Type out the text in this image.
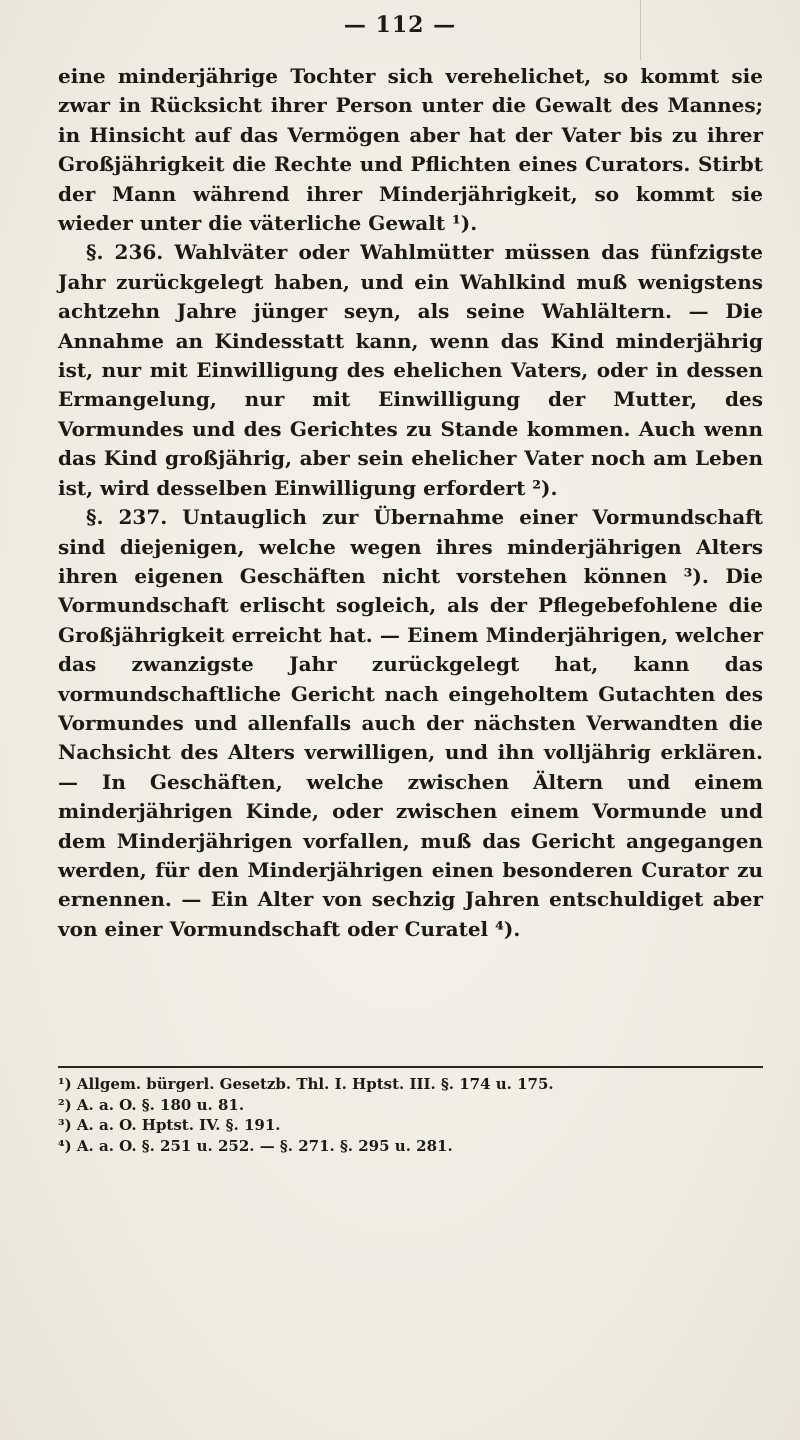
— 112 —

eine minderjährige Tochter sich verehelichet, so kommt sie zwar in Rücksicht ihrer Person unter die Gewalt des Mannes; in Hinsicht auf das Vermögen aber hat der Vater bis zu ihrer Großjährigkeit die Rechte und Pflichten eines Curators. Stirbt der Mann während ihrer Minderjährigkeit, so kommt sie wieder unter die väterliche Gewalt ¹).

§. 236. Wahlväter oder Wahlmütter müssen das fünfzigste Jahr zurückgelegt haben, und ein Wahlkind muß wenigstens achtzehn Jahre jünger seyn, als seine Wahlältern. — Die Annahme an Kindesstatt kann, wenn das Kind minderjährig ist, nur mit Einwilligung des ehelichen Vaters, oder in dessen Ermangelung, nur mit Einwilligung der Mutter, des Vormundes und des Gerichtes zu Stande kommen. Auch wenn das Kind großjährig, aber sein ehelicher Vater noch am Leben ist, wird desselben Einwilligung erfordert ²).

§. 237. Untauglich zur Übernahme einer Vormundschaft sind diejenigen, welche wegen ihres minderjährigen Alters ihren eigenen Geschäften nicht vorstehen können ³). Die Vormundschaft erlischt sogleich, als der Pflegebefohlene die Großjährigkeit erreicht hat. — Einem Minderjährigen, welcher das zwanzigste Jahr zurückgelegt hat, kann das vormundschaftliche Gericht nach eingeholtem Gutachten des Vormundes und allenfalls auch der nächsten Verwandten die Nachsicht des Alters verwilligen, und ihn volljährig erklären. — In Geschäften, welche zwischen Ältern und einem minderjährigen Kinde, oder zwischen einem Vormunde und dem Minderjährigen vorfallen, muß das Gericht angegangen werden, für den Minderjährigen einen besonderen Curator zu ernennen. — Ein Alter von sechzig Jahren entschuldiget aber von einer Vormundschaft oder Curatel ⁴).

¹) Allgem. bürgerl. Gesetzb. Thl. I. Hptst. III. §. 174 u. 175.
²) A. a. O. §. 180 u. 81.
³) A. a. O. Hptst. IV. §. 191.
⁴) A. a. O. §. 251 u. 252. — §. 271. §. 295 u. 281.
